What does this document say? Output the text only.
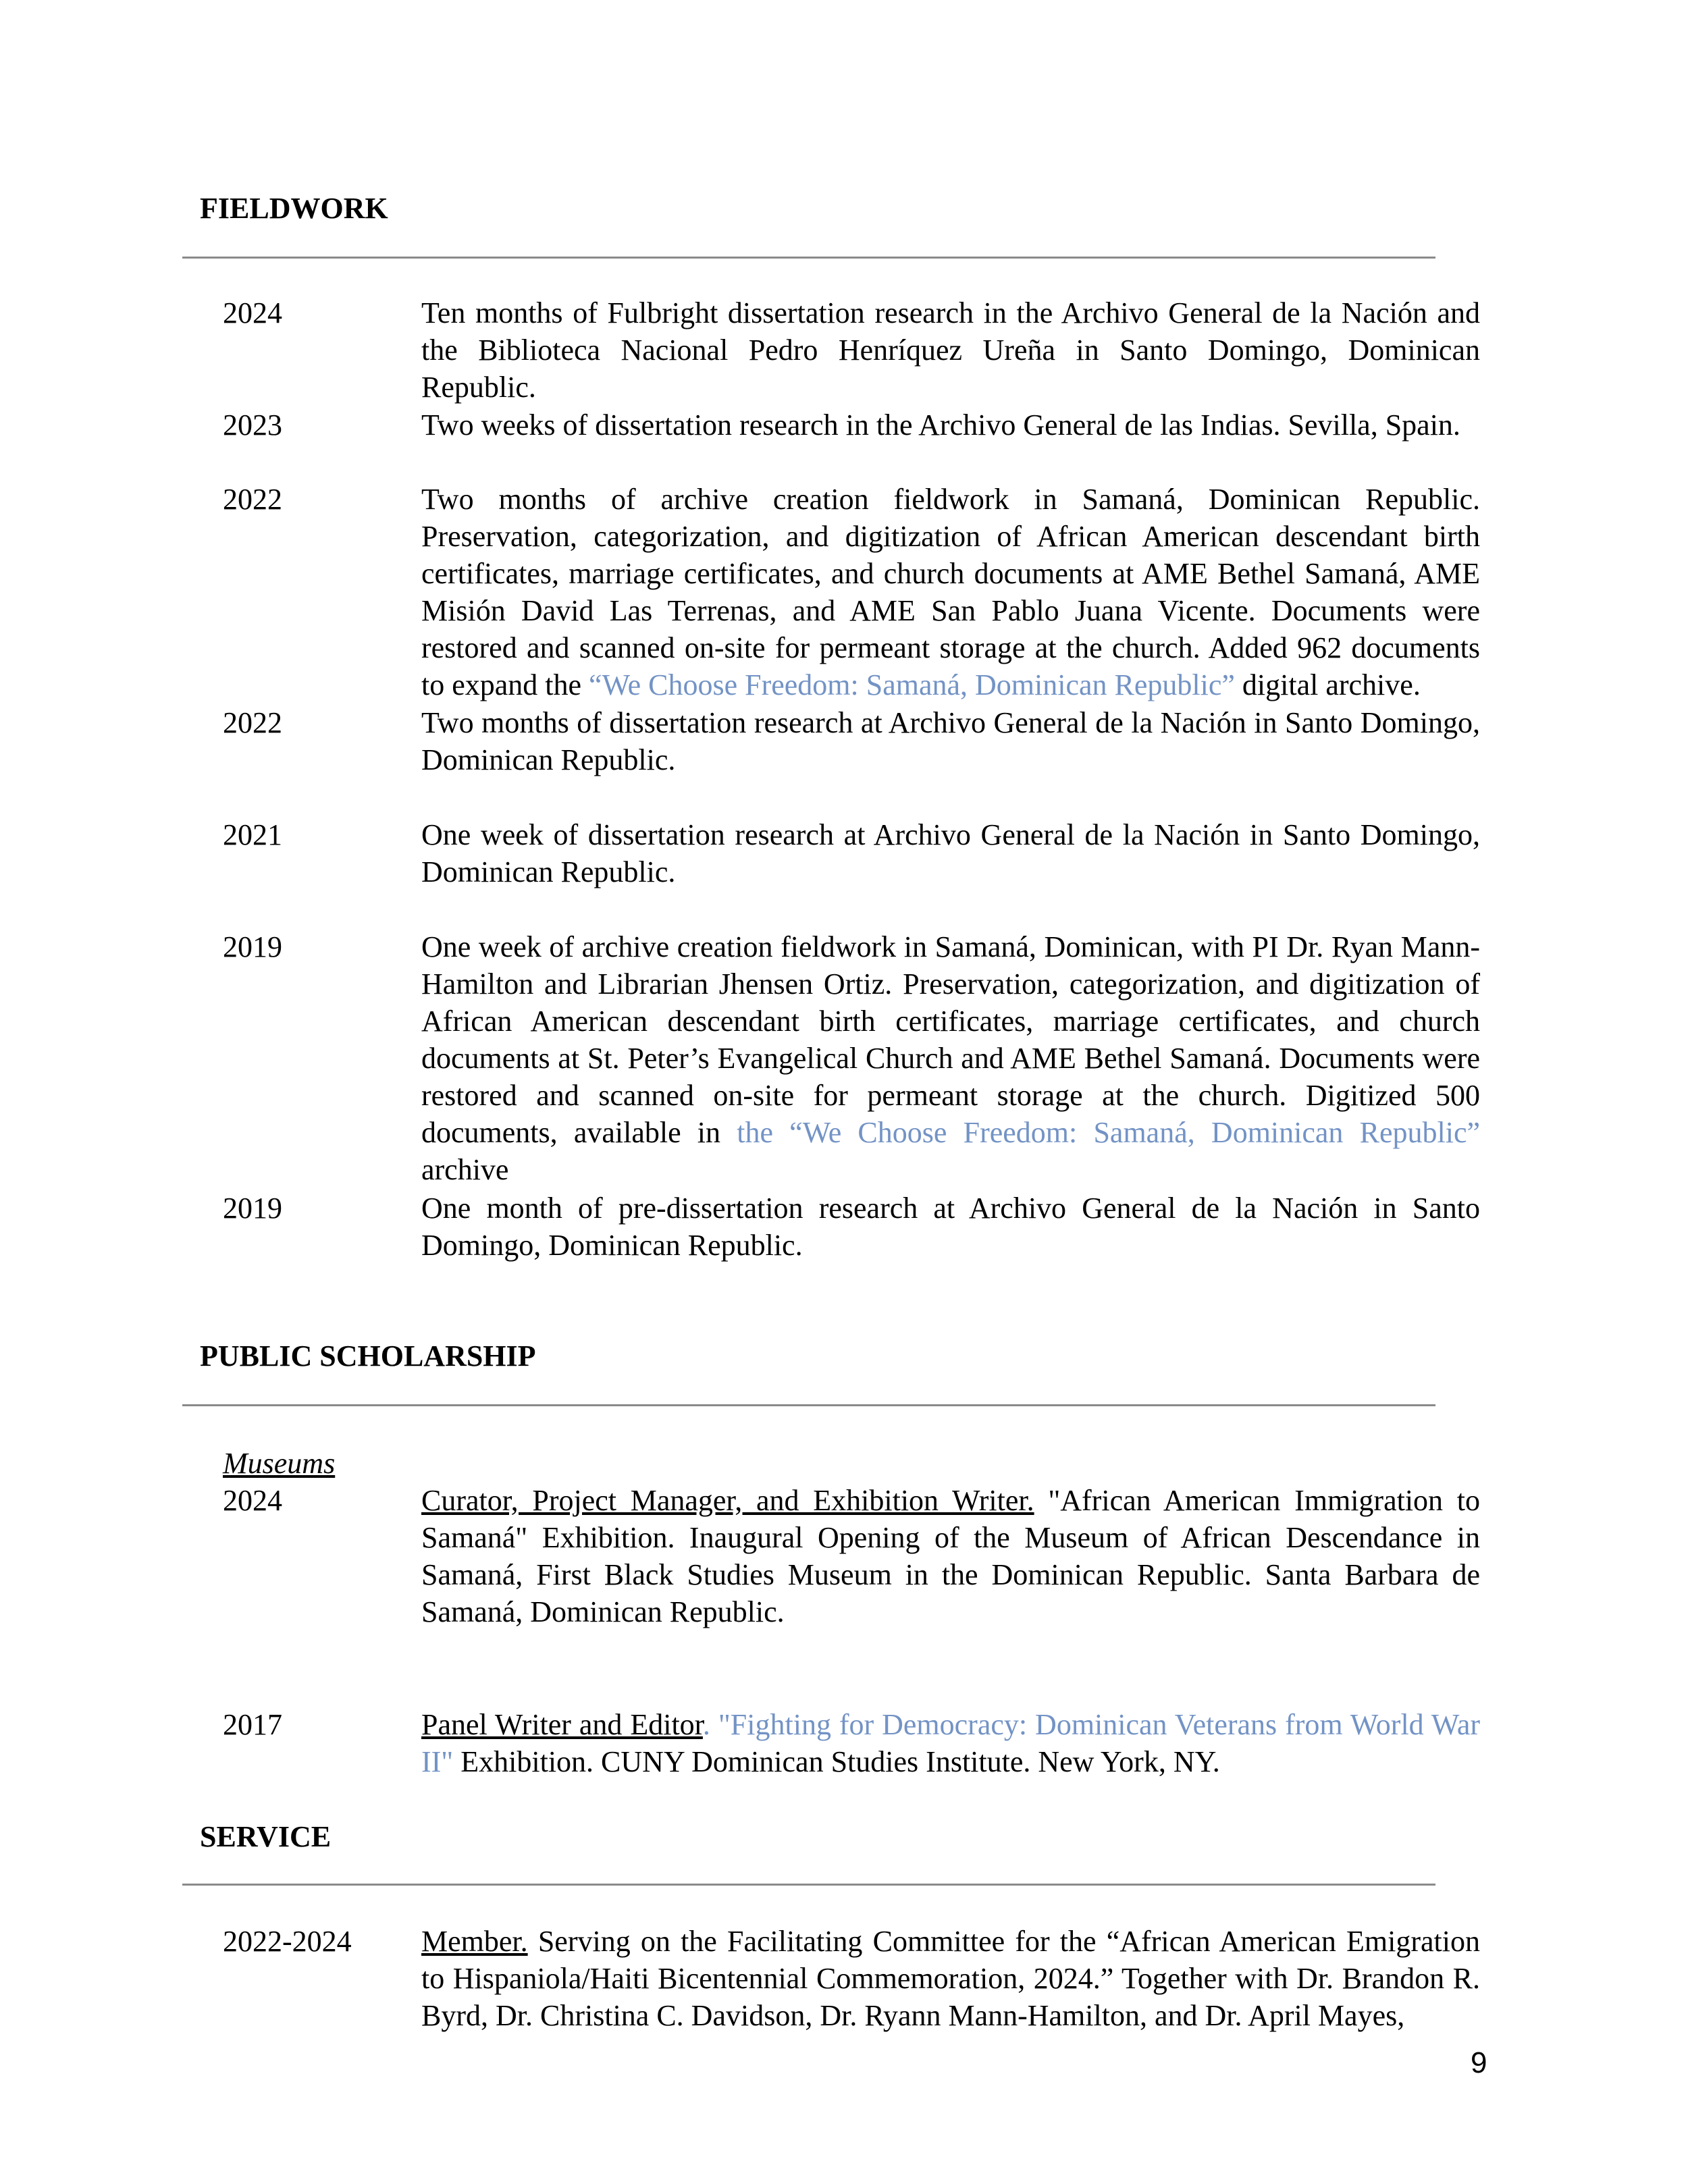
FIELDWORK
2024	Ten months of Fulbright dissertation research in the Archivo General de la Nación and the Biblioteca Nacional Pedro Henríquez Ureña in Santo Domingo, Dominican Republic.
2023	Two weeks of dissertation research in the Archivo General de las Indias. Sevilla, Spain.
2022	Two months of archive creation fieldwork in Samaná, Dominican Republic. Preservation, categorization, and digitization of African American descendant birth certificates, marriage certificates, and church documents at AME Bethel Samaná, AME Misión David Las Terrenas, and AME San Pablo Juana Vicente. Documents were restored and scanned on-site for permeant storage at the church. Added 962 documents to expand the “We Choose Freedom: Samaná, Dominican Republic” digital archive.
2022	Two months of dissertation research at Archivo General de la Nación in Santo Domingo, Dominican Republic.
2021	One week of dissertation research at Archivo General de la Nación in Santo Domingo, Dominican Republic.
2019	One week of archive creation fieldwork in Samaná, Dominican, with PI Dr. Ryan Mann-Hamilton and Librarian Jhensen Ortiz. Preservation, categorization, and digitization of African American descendant birth certificates, marriage certificates, and church documents at St. Peter’s Evangelical Church and AME Bethel Samaná. Documents were restored and scanned on-site for permeant storage at the church. Digitized 500 documents, available in the “We Choose Freedom: Samaná, Dominican Republic” archive
2019	One month of pre-dissertation research at Archivo General de la Nación in Santo Domingo, Dominican Republic.
PUBLIC SCHOLARSHIP
Museums
2024	Curator, Project Manager, and Exhibition Writer. "African American Immigration to Samaná" Exhibition. Inaugural Opening of the Museum of African Descendance in Samaná, First Black Studies Museum in the Dominican Republic. Santa Barbara de Samaná, Dominican Republic.
2017	Panel Writer and Editor. "Fighting for Democracy: Dominican Veterans from World War II" Exhibition. CUNY Dominican Studies Institute. New York, NY.
SERVICE
2022-2024 Member. Serving on the Facilitating Committee for the “African American Emigration to Hispaniola/Haiti Bicentennial Commemoration, 2024.” Together with Dr. Brandon R. Byrd, Dr. Christina C. Davidson, Dr. Ryann Mann-Hamilton, and Dr. April Mayes,
9
